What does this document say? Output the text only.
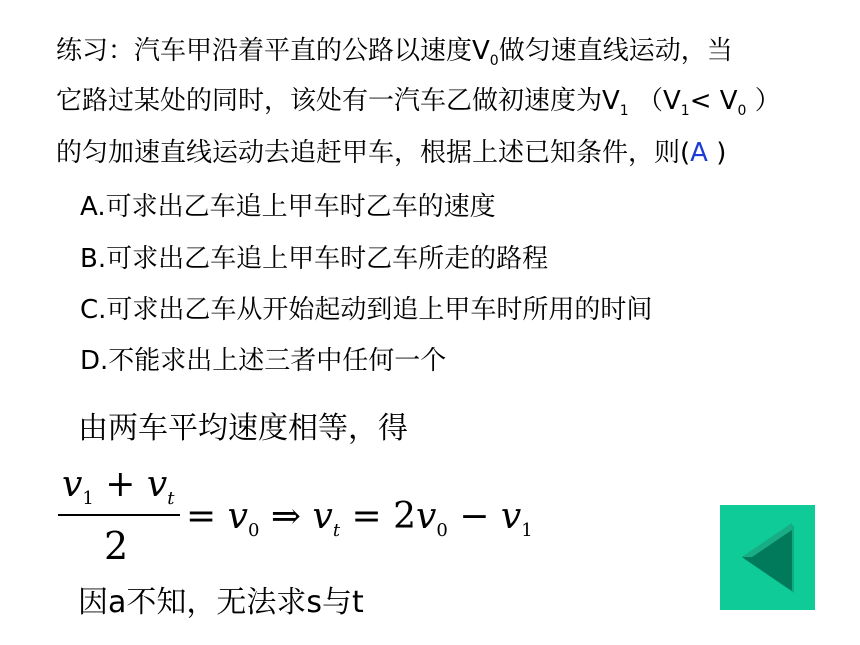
练习：汽车甲沿着平直的公路以速度$V_0$做匀速直线运动，当
它路过某处的同时，该处有一汽车乙做初速度为$V_1$ （$V_1< V_0$ ）
的匀加速直线运动去追赶甲车，根据上述已知条件，则(A )
A.可求出乙车追上甲车时乙车的速度
B.可求出乙车追上甲车时乙车所走的路程
C.可求出乙车从开始起动到追上甲车时所用的时间
D.不能求出上述三者中任何一个
由两车平均速度相等，得
$v_1 + v_t$
2
= $v_0$ ⇒ $v_t = 2v_0 - v_1$
因a不知，无法求s与t
